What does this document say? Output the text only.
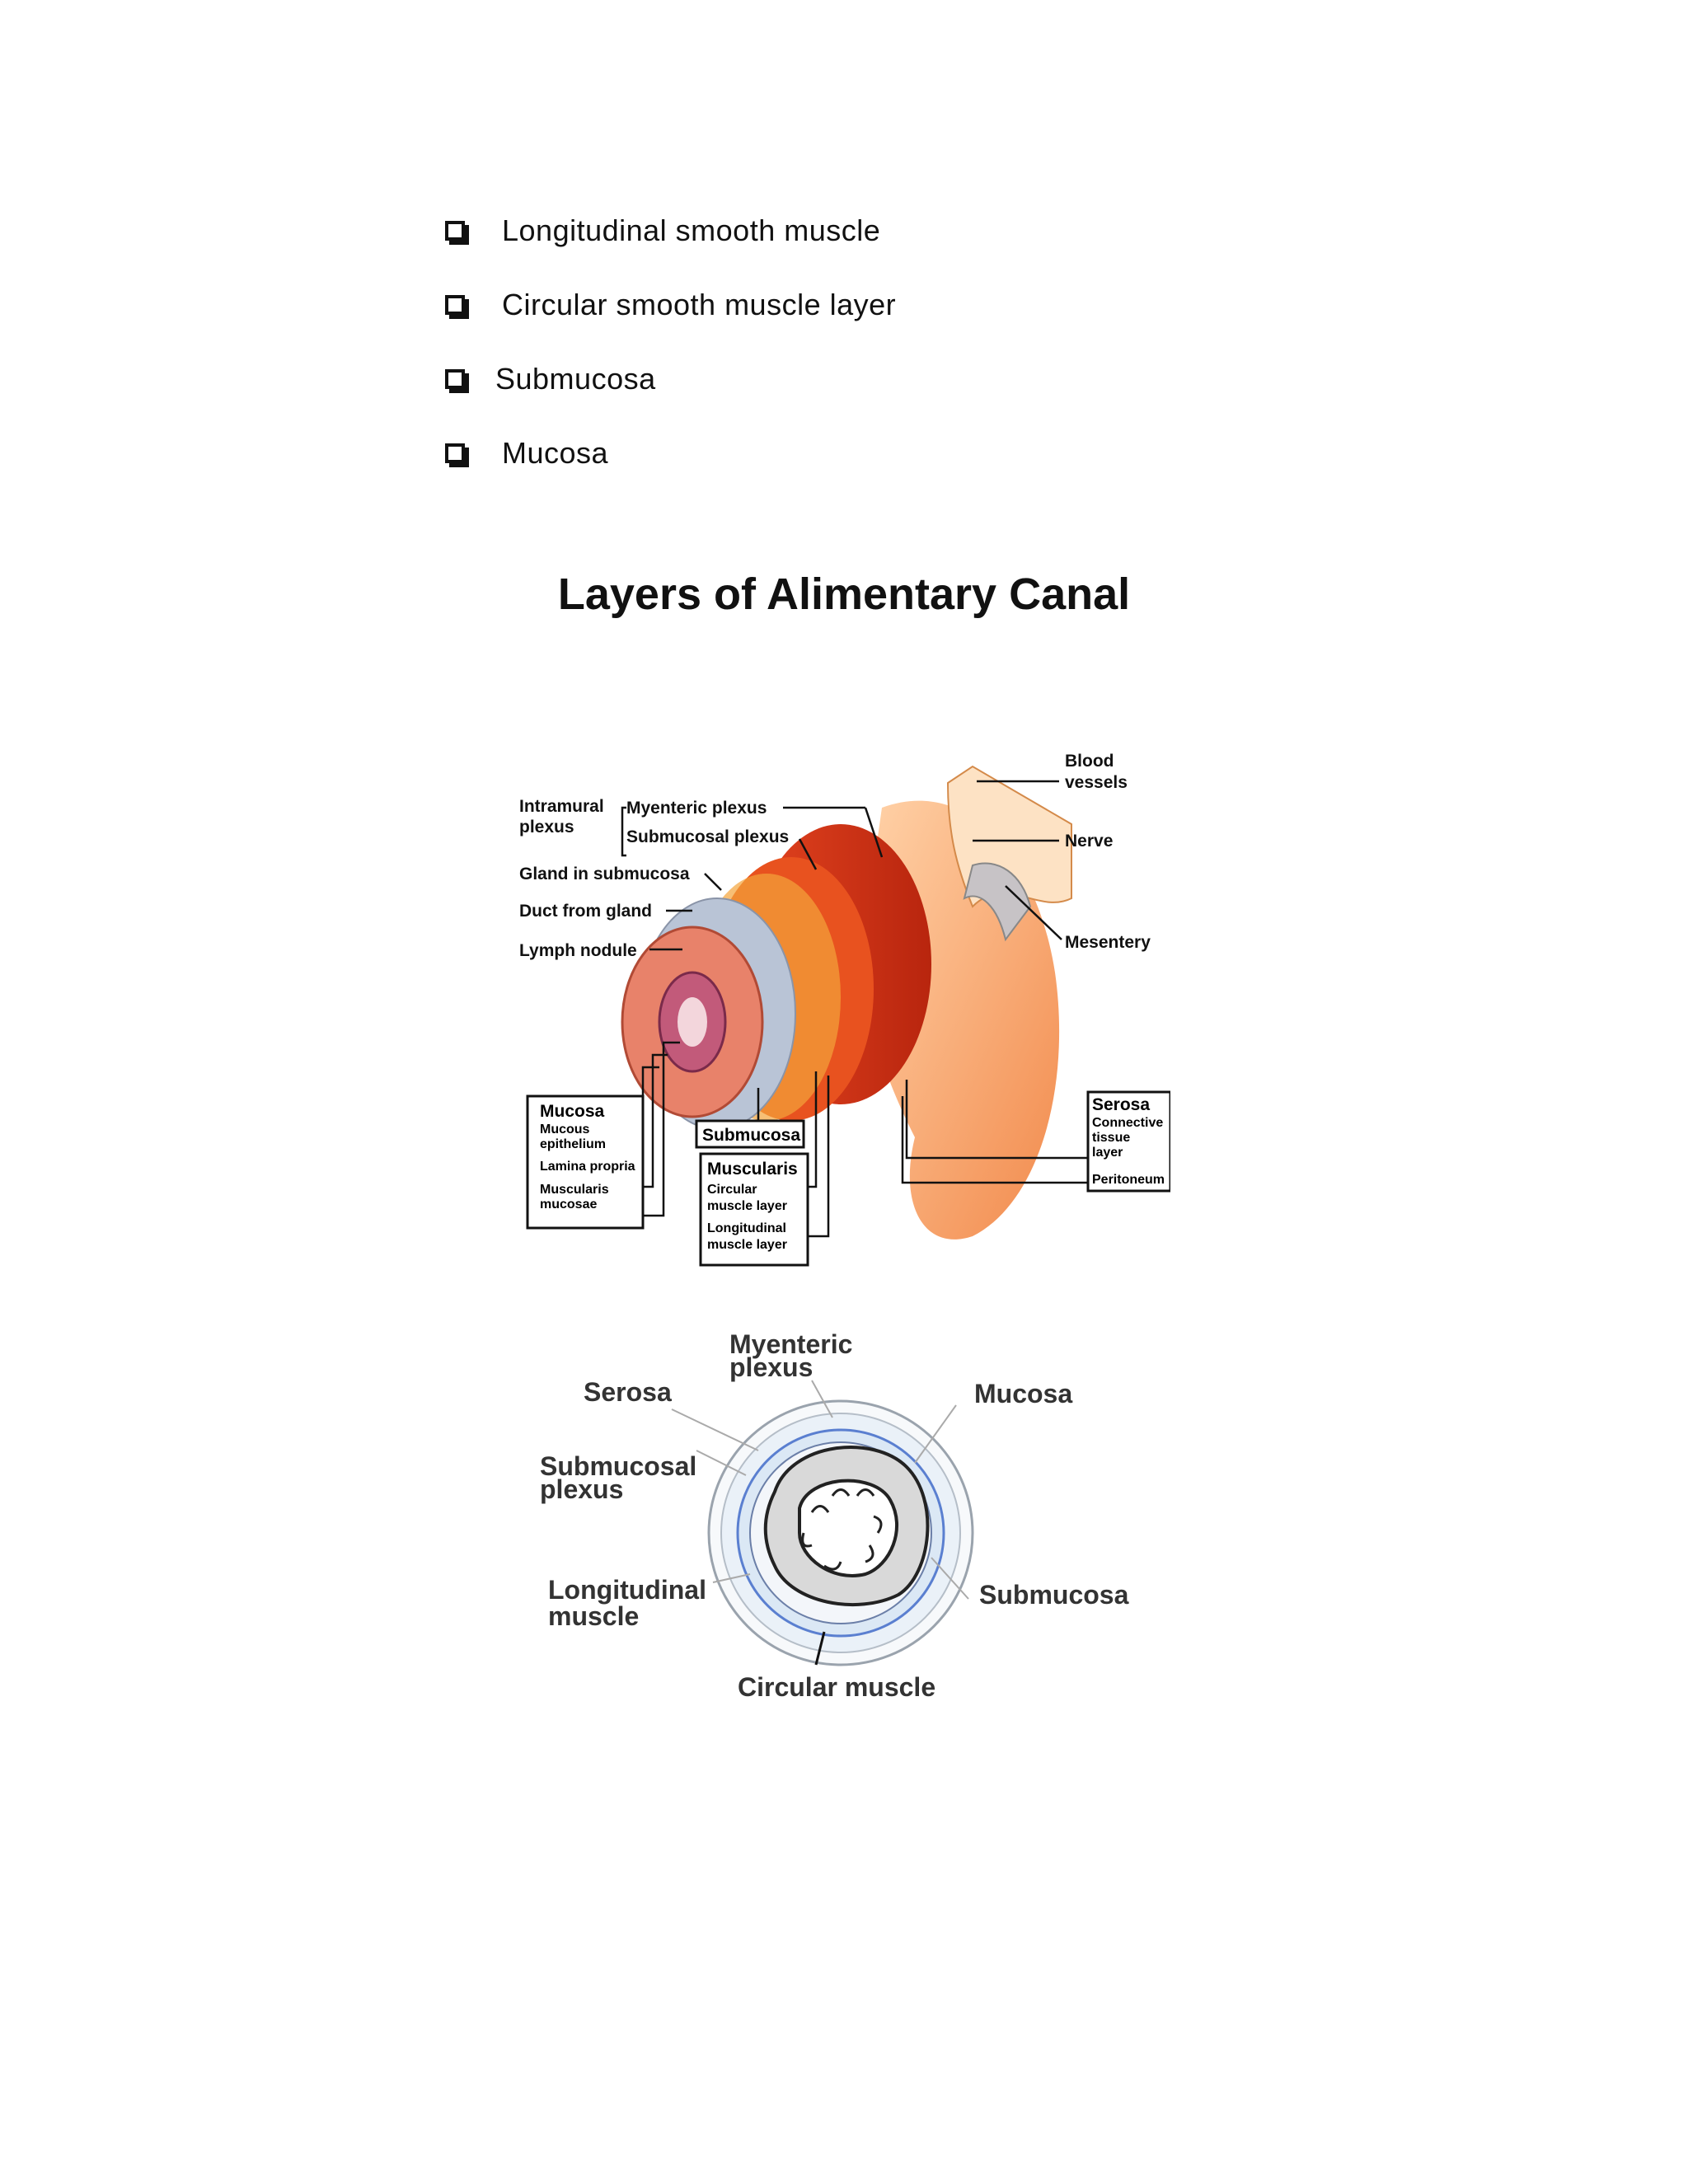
Longitudinal smooth muscle
Circular smooth muscle layer
Submucosa
Mucosa
Layers of Alimentary Canal
Intramural
plexus
Myenteric plexus
Submucosal plexus
Gland in submucosa
Duct from gland
Lymph nodule
Blood
vessels
Nerve
Mesentery
Mucosa
Mucous
epithelium
Lamina propria
Muscularis
mucosae
Submucosa
Muscularis
Circular
muscle layer
Longitudinal
muscle layer
Serosa
Connective
tissue
layer
Peritoneum
Myenteric
plexus
Serosa	Mucosa
Submucosal
plexus
Longitudinal
muscle
Submucosa
Circular muscle
